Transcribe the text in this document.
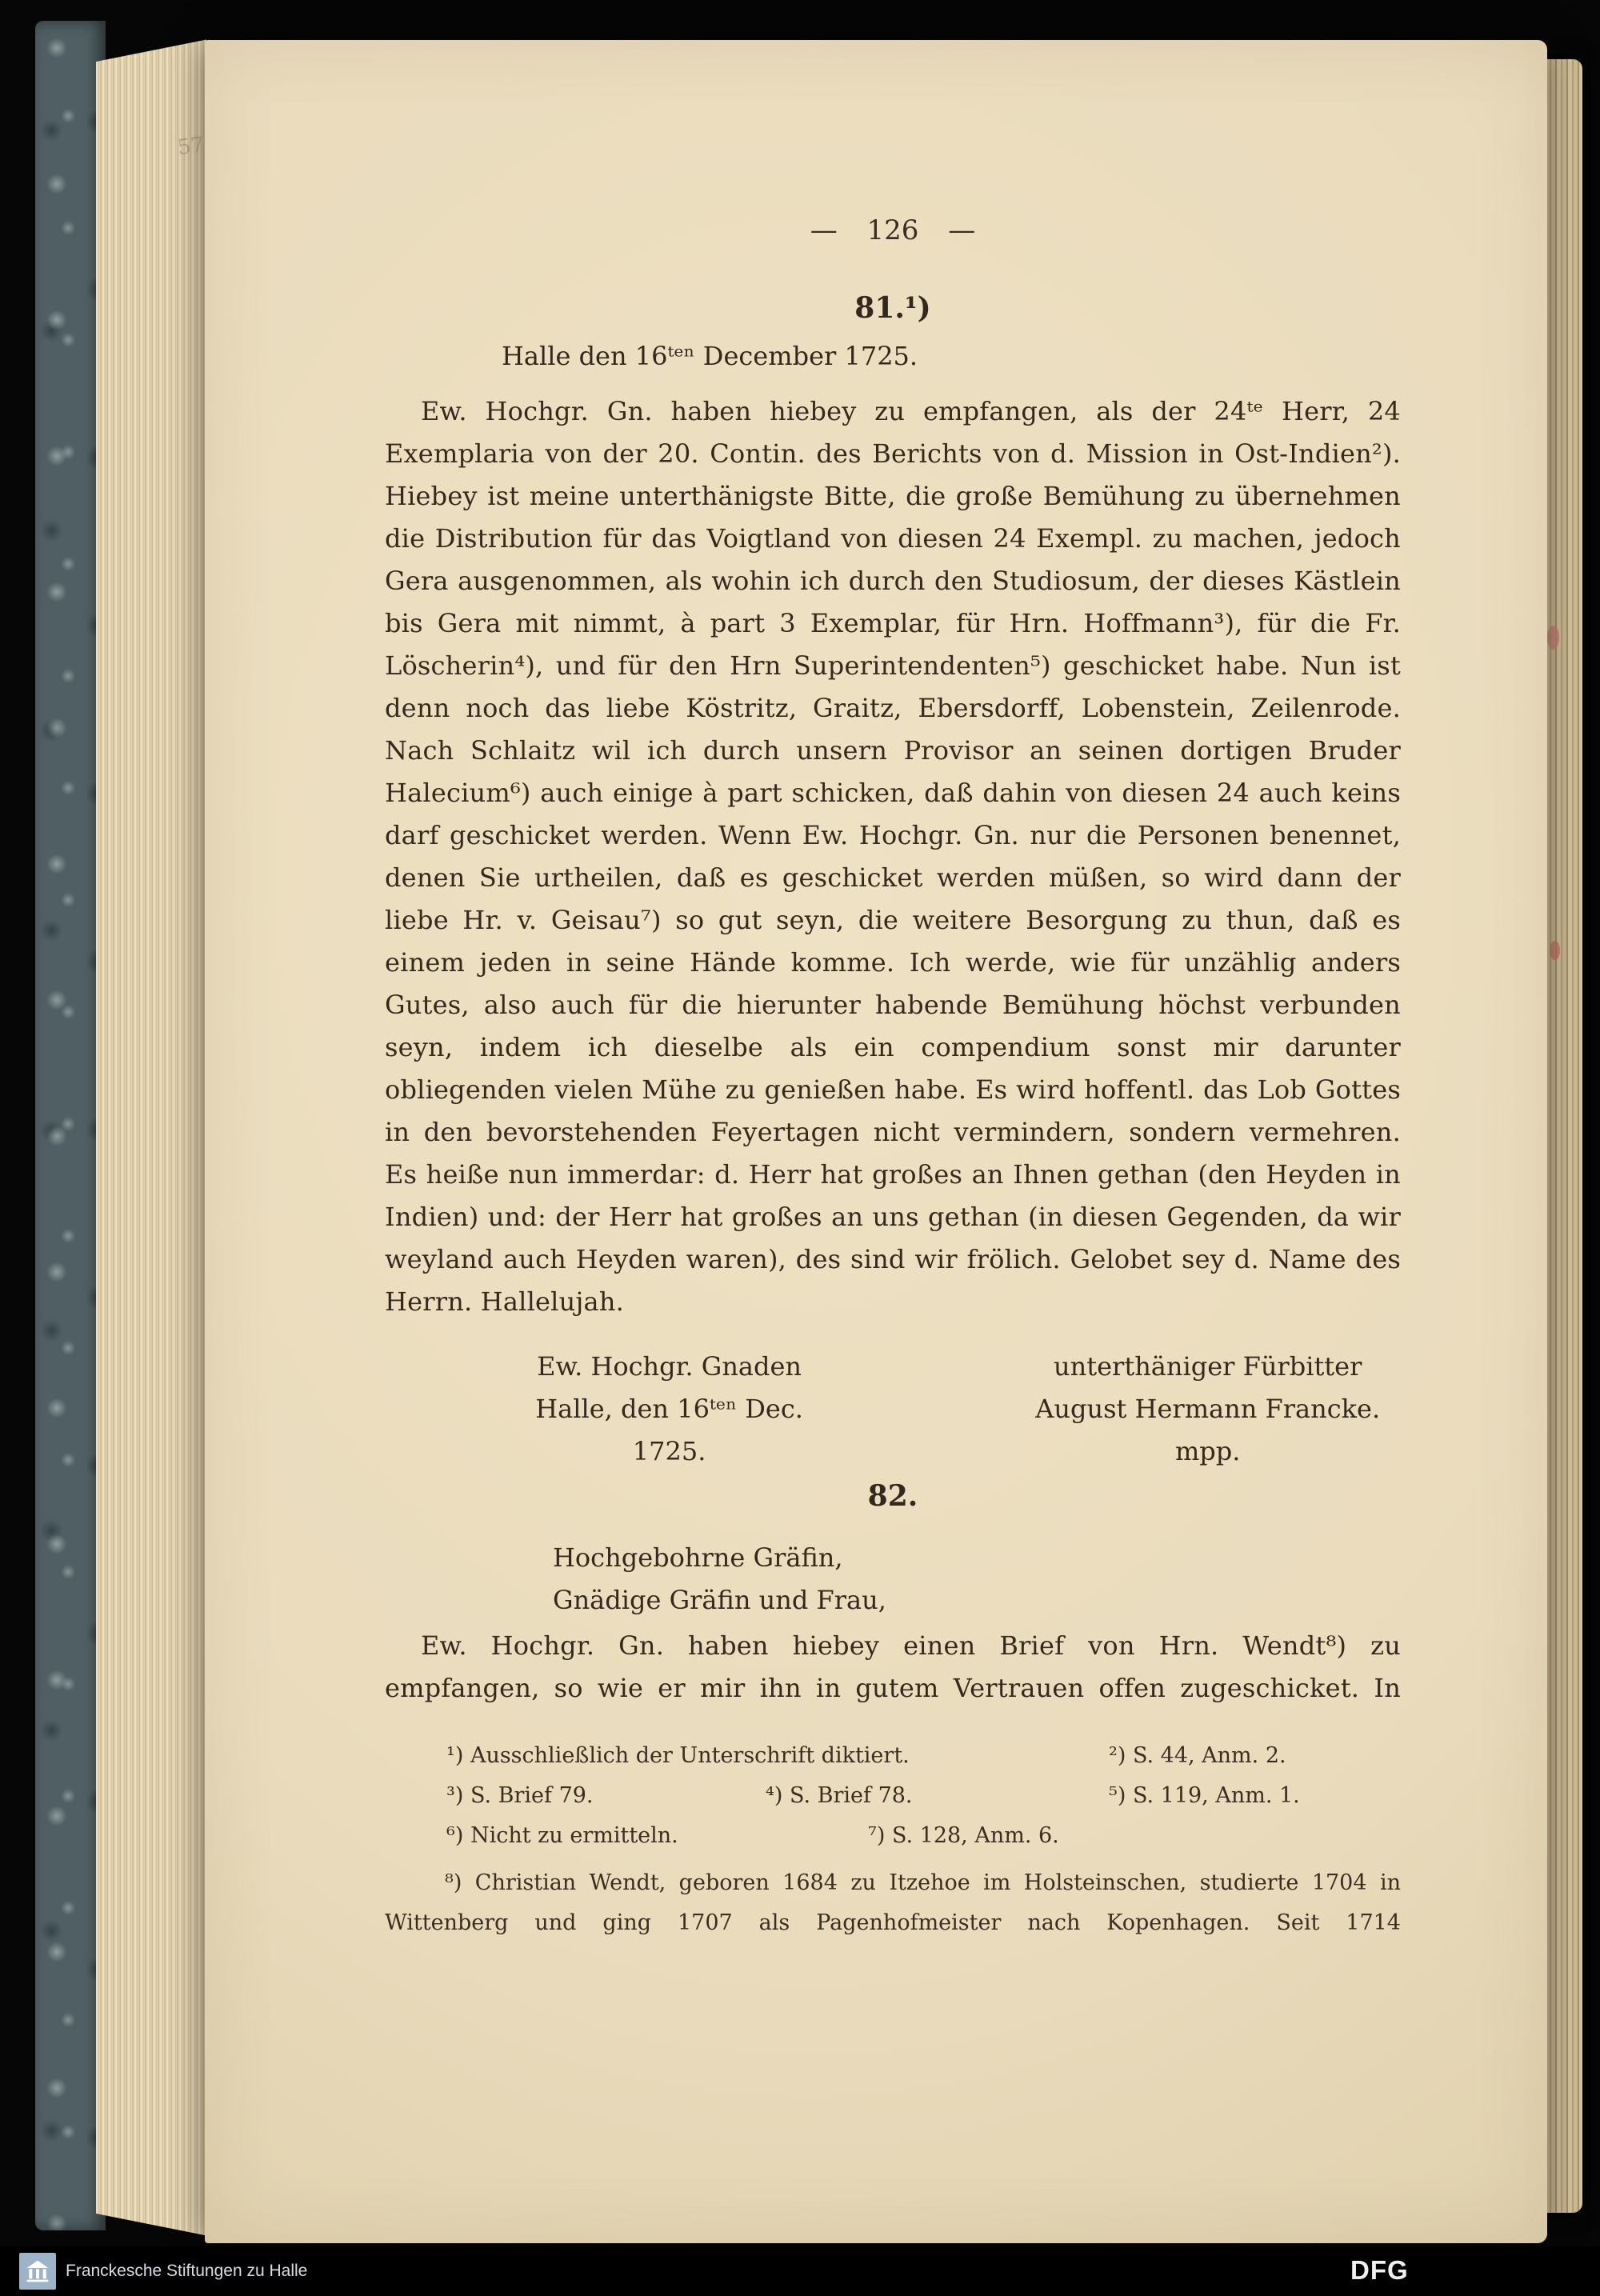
57
— 126 —
81.¹)
Halle den 16ᵗᵉⁿ December 1725.

Ew. Hochgr. Gn. haben hiebey zu empfangen, als der 24ᵗᵉ Herr, 24 Exemplaria von der 20. Contin. des Berichts von d. Mission in Ost-Indien²). Hiebey ist meine unterthänigste Bitte, die große Bemühung zu übernehmen die Distribution für das Voigtland von diesen 24 Exempl. zu machen, jedoch Gera ausgenommen, als wohin ich durch den Studiosum, der dieses Kästlein bis Gera mit nimmt, à part 3 Exemplar, für Hrn. Hoffmann³), für die Fr. Löscherin⁴), und für den Hrn Superintendenten⁵) geschicket habe. Nun ist denn noch das liebe Köstritz, Graitz, Ebersdorff, Lobenstein, Zeilenrode. Nach Schlaitz wil ich durch unsern Provisor an seinen dortigen Bruder Halecium⁶) auch einige à part schicken, daß dahin von diesen 24 auch keins darf geschicket werden. Wenn Ew. Hochgr. Gn. nur die Personen benennet, denen Sie urtheilen, daß es geschicket werden müßen, so wird dann der liebe Hr. v. Geisau⁷) so gut seyn, die weitere Besorgung zu thun, daß es einem jeden in seine Hände komme. Ich werde, wie für unzählig anders Gutes, also auch für die hierunter habende Bemühung höchst verbunden seyn, indem ich dieselbe als ein compendium sonst mir darunter obliegenden vielen Mühe zu genießen habe. Es wird hoffentl. das Lob Gottes in den bevorstehenden Feyertagen nicht vermindern, sondern vermehren. Es heiße nun immerdar: d. Herr hat großes an Ihnen gethan (den Heyden in Indien) und: der Herr hat großes an uns gethan (in diesen Gegenden, da wir weyland auch Heyden waren), des sind wir frölich. Gelobet sey d. Name des Herrn. Hallelujah.

Ew. Hochgr. Gnaden
Halle, den 16ᵗᵉⁿ Dec.
1725.
unterthäniger Fürbitter
August Hermann Francke.
mpp.
82.
Hochgebohrne Gräfin,
Gnädige Gräfin und Frau,

Ew. Hochgr. Gn. haben hiebey einen Brief von Hrn. Wendt⁸) zu empfangen, so wie er mir ihn in gutem Vertrauen offen zugeschicket. In

¹) Ausschließlich der Unterschrift diktiert.	²) S. 44, Anm. 2.
³) S. Brief 79.	⁴) S. Brief 78.	⁵) S. 119, Anm. 1.
⁶) Nicht zu ermitteln.	⁷) S. 128, Anm. 6.

⁸) Christian Wendt, geboren 1684 zu Itzehoe im Holsteinschen, studierte 1704 in Wittenberg und ging 1707 als Pagenhofmeister nach Kopenhagen. Seit 1714

Franckesche Stiftungen zu Halle	DFG
